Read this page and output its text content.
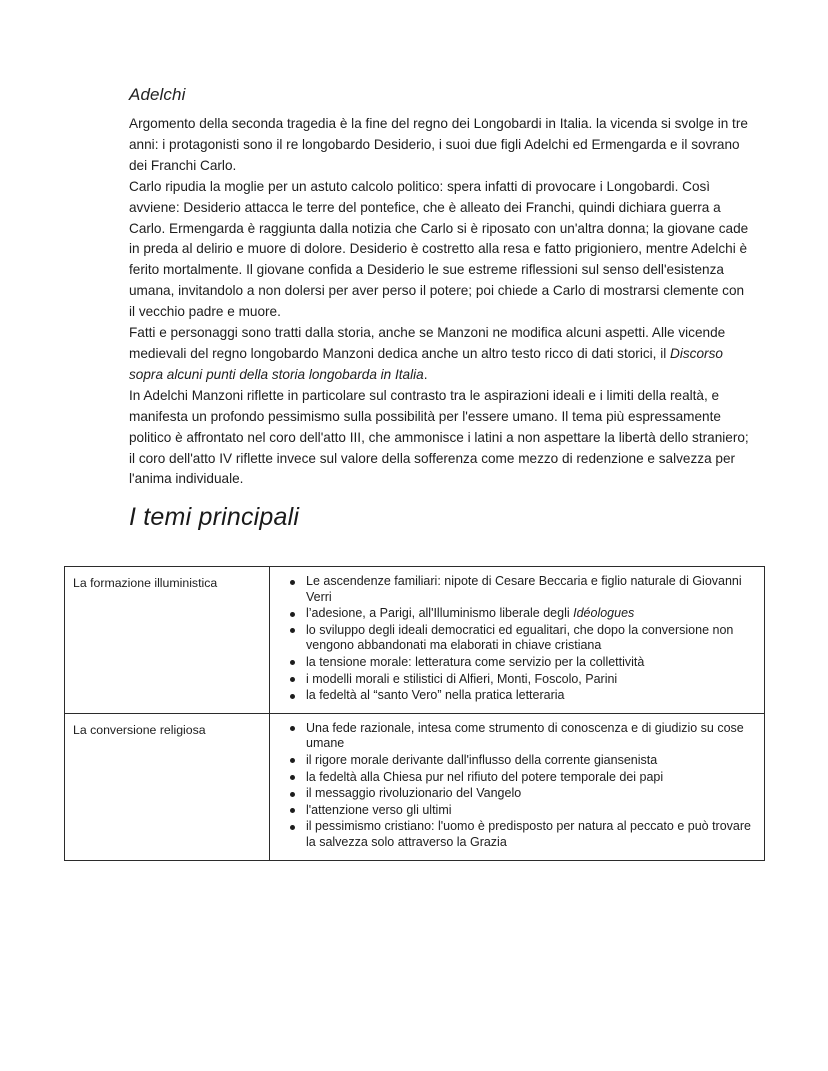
Adelchi

Argomento della seconda tragedia è la fine del regno dei Longobardi in Italia. la vicenda si svolge in tre anni: i protagonisti sono il re longobardo Desiderio, i suoi due figli Adelchi ed Ermengarda e il sovrano dei Franchi Carlo.

Carlo ripudia la moglie per un astuto calcolo politico: spera infatti di provocare i Longobardi. Così avviene: Desiderio attacca le terre del pontefice, che è alleato dei Franchi, quindi dichiara guerra a Carlo. Ermengarda è raggiunta dalla notizia che Carlo si è riposato con un'altra donna; la giovane cade in preda al delirio e muore di dolore. Desiderio è costretto alla resa e fatto prigioniero, mentre Adelchi è ferito mortalmente. Il giovane confida a Desiderio le sue estreme riflessioni sul senso dell'esistenza umana, invitandolo a non dolersi per aver perso il potere; poi chiede a Carlo di mostrarsi clemente con il vecchio padre e muore.

Fatti e personaggi sono tratti dalla storia, anche se Manzoni ne modifica alcuni aspetti. Alle vicende medievali del regno longobardo Manzoni dedica anche un altro testo ricco di dati storici, il Discorso sopra alcuni punti della storia longobarda in Italia.

In Adelchi Manzoni riflette in particolare sul contrasto tra le aspirazioni ideali e i limiti della realtà, e manifesta un profondo pessimismo sulla possibilità per l'essere umano. Il tema più espressamente politico è affrontato nel coro dell'atto III, che ammonisce i latini a non aspettare la libertà dello straniero; il coro dell'atto IV riflette invece sul valore della sofferenza come mezzo di redenzione e salvezza per l'anima individuale.

I temi principali
La formazione illuministica	Le ascendenze familiari: nipote di Cesare Beccaria e figlio naturale di Giovanni Verri
l’adesione, a Parigi, all'Illuminismo liberale degli Idéologues
lo sviluppo degli ideali democratici ed egualitari, che dopo la conversione non vengono abbandonati ma elaborati in chiave cristiana
la tensione morale: letteratura come servizio per la collettività
i modelli morali e stilistici di Alfieri, Monti, Foscolo, Parini
la fedeltà al “santo Vero” nella pratica letteraria

La conversione religiosa	Una fede razionale, intesa come strumento di conoscenza e di giudizio su cose umane
il rigore morale derivante dall'influsso della corrente giansenista
la fedeltà alla Chiesa pur nel rifiuto del potere temporale dei papi
il messaggio rivoluzionario del Vangelo
l'attenzione verso gli ultimi
il pessimismo cristiano: l'uomo è predisposto per natura al peccato e può trovare la salvezza solo attraverso la Grazia
